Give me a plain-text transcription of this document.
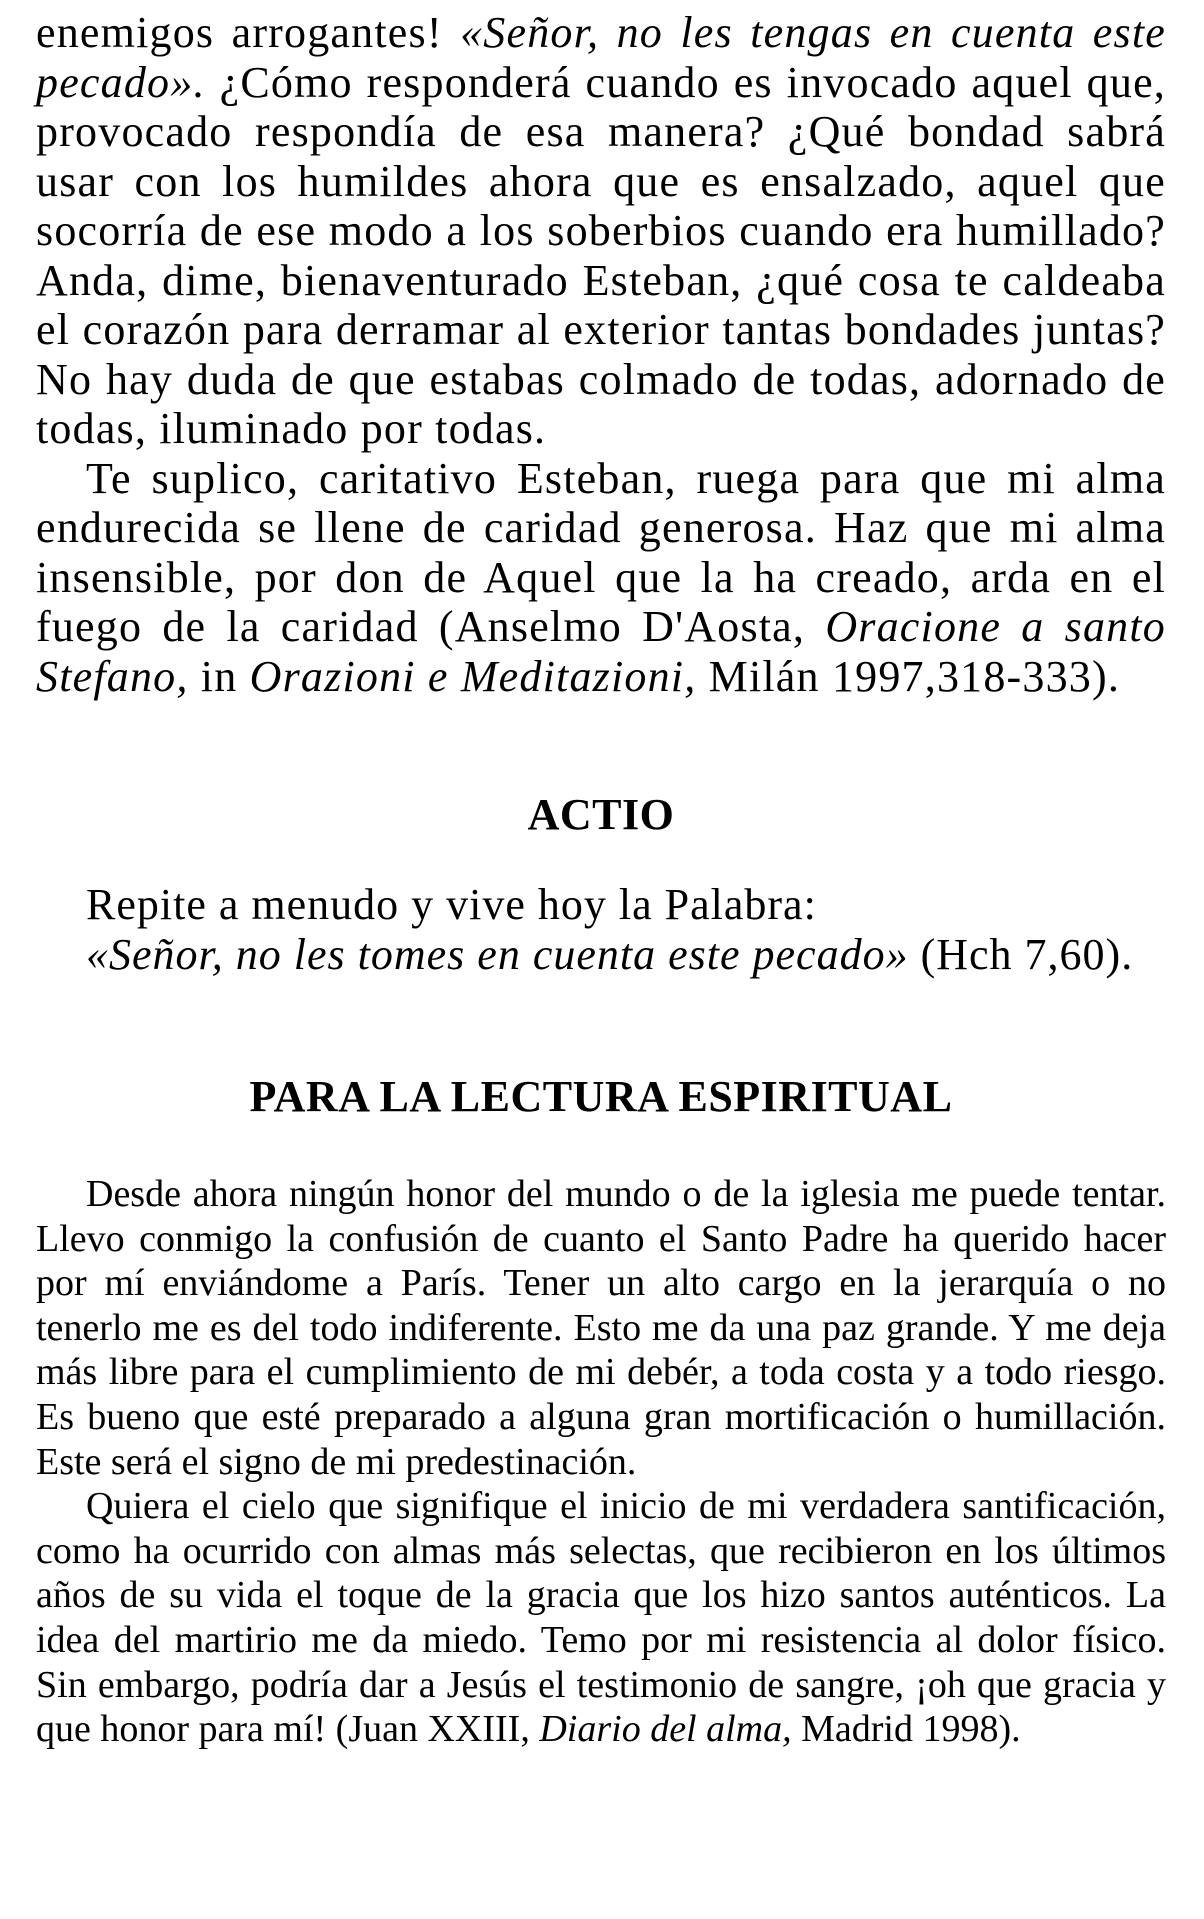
enemigos arrogantes! «Señor, no les tengas en cuenta este pecado». ¿Cómo responderá cuando es invocado aquel que, provocado respondía de esa manera? ¿Qué bondad sabrá usar con los humildes ahora que es ensalzado, aquel que socorría de ese modo a los soberbios cuando era humillado? Anda, dime, bienaventurado Esteban, ¿qué cosa te caldeaba el corazón para derramar al exterior tantas bondades juntas? No hay duda de que estabas colmado de todas, adornado de todas, iluminado por todas.

Te suplico, caritativo Esteban, ruega para que mi alma endurecida se llene de caridad generosa. Haz que mi alma insensible, por don de Aquel que la ha creado, arda en el fuego de la caridad (Anselmo D'Aosta, Oracione a santo Stefano, in Orazioni e Meditazioni, Milán 1997,318-333).

ACTIO
Repite a menudo y vive hoy la Palabra:
«Señor, no les tomes en cuenta este pecado» (Hch 7,60).
PARA LA LECTURA ESPIRITUAL

Desde ahora ningún honor del mundo o de la iglesia me puede tentar. Llevo conmigo la confusión de cuanto el Santo Padre ha querido hacer por mí enviándome a París. Tener un alto cargo en la jerarquía o no tenerlo me es del todo indiferente. Esto me da una paz grande. Y me deja más libre para el cumplimiento de mi debér, a toda costa y a todo riesgo. Es bueno que esté preparado a alguna gran mortificación o humillación. Este será el signo de mi predestinación.

Quiera el cielo que signifique el inicio de mi verdadera santificación, como ha ocurrido con almas más selectas, que recibieron en los últimos años de su vida el toque de la gracia que los hizo santos auténticos. La idea del martirio me da miedo. Temo por mi resistencia al dolor físico. Sin embargo, podría dar a Jesús el testimonio de sangre, ¡oh que gracia y que honor para mí! (Juan XXIII, Diario del alma, Madrid 1998).
